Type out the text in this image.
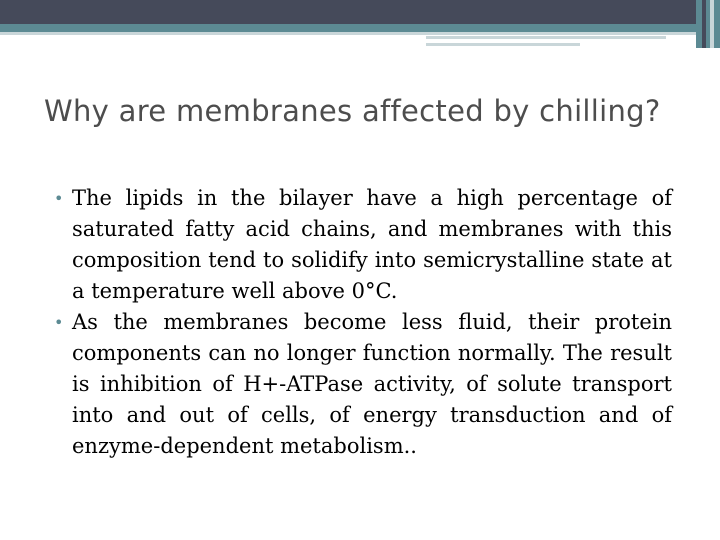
Why are membranes affected by chilling?
• The lipids in the bilayer have a high percentage of saturated fatty acid chains, and membranes with this composition tend to solidify into semicrystalline state at a temperature well above 0°C.
• As the membranes become less fluid, their protein components can no longer function normally. The result is inhibition of H+-ATPase activity, of solute transport into and out of cells, of energy transduction and of enzyme-dependent metabolism..
